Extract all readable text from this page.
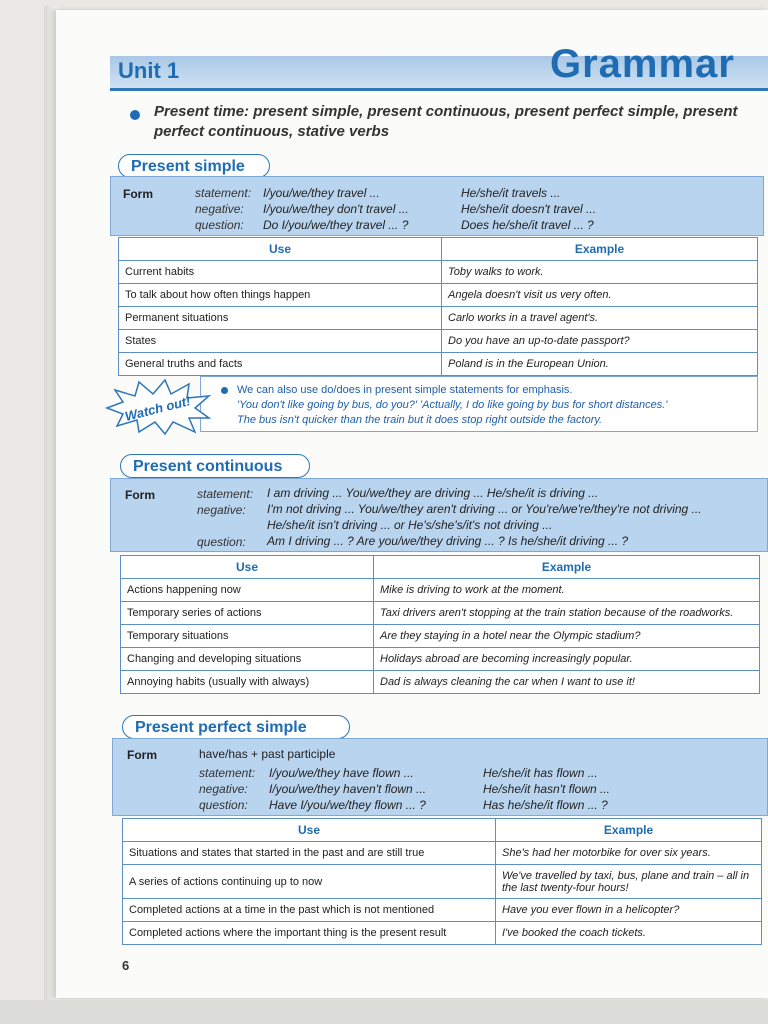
Unit 1	Grammar
Present time: present simple, present continuous, present perfect simple, present perfect continuous, stative verbs
Present simple
Form	statement: I/you/we/they travel ...	He/she/it travels ...
negative: I/you/we/they don't travel ...	He/she/it doesn't travel ...
question: Do I/you/we/they travel ... ?	Does he/she/it travel ... ?
Use	Example
Current habits	Toby walks to work.
To talk about how often things happen	Angela doesn't visit us very often.
Permanent situations	Carlo works in a travel agent's.
States	Do you have an up-to-date passport?
General truths and facts	Poland is in the European Union.
We can also use do/does in present simple statements for emphasis.
'You don't like going by bus, do you?' 'Actually, I do like going by bus for short distances.'
The bus isn't quicker than the train but it does stop right outside the factory.
Watch out!
Present continuous
Form	statement: I am driving ... You/we/they are driving ... He/she/it is driving ...
negative: I'm not driving ... You/we/they aren't driving ... or You're/we're/they're not driving ...
He/she/it isn't driving ... or He's/she's/it's not driving ...
question: Am I driving ... ? Are you/we/they driving ... ? Is he/she/it driving ... ?
Use	Example
Actions happening now	Mike is driving to work at the moment.
Temporary series of actions	Taxi drivers aren't stopping at the train station because of the roadworks.
Temporary situations	Are they staying in a hotel near the Olympic stadium?
Changing and developing situations	Holidays abroad are becoming increasingly popular.
Annoying habits (usually with always)	Dad is always cleaning the car when I want to use it!
Present perfect simple
Form	have/has + past participle
statement: I/you/we/they have flown ...	He/she/it has flown ...
negative: I/you/we/they haven't flown ...	He/she/it hasn't flown ...
question: Have I/you/we/they flown ... ?	Has he/she/it flown ... ?
Use	Example
Situations and states that started in the past and are still true	She's had her motorbike for over six years.
A series of actions continuing up to now	We've travelled by taxi, bus, plane and train – all in the last twenty-four hours!
Completed actions at a time in the past which is not mentioned	Have you ever flown in a helicopter?
Completed actions where the important thing is the present result	I've booked the coach tickets.
6
